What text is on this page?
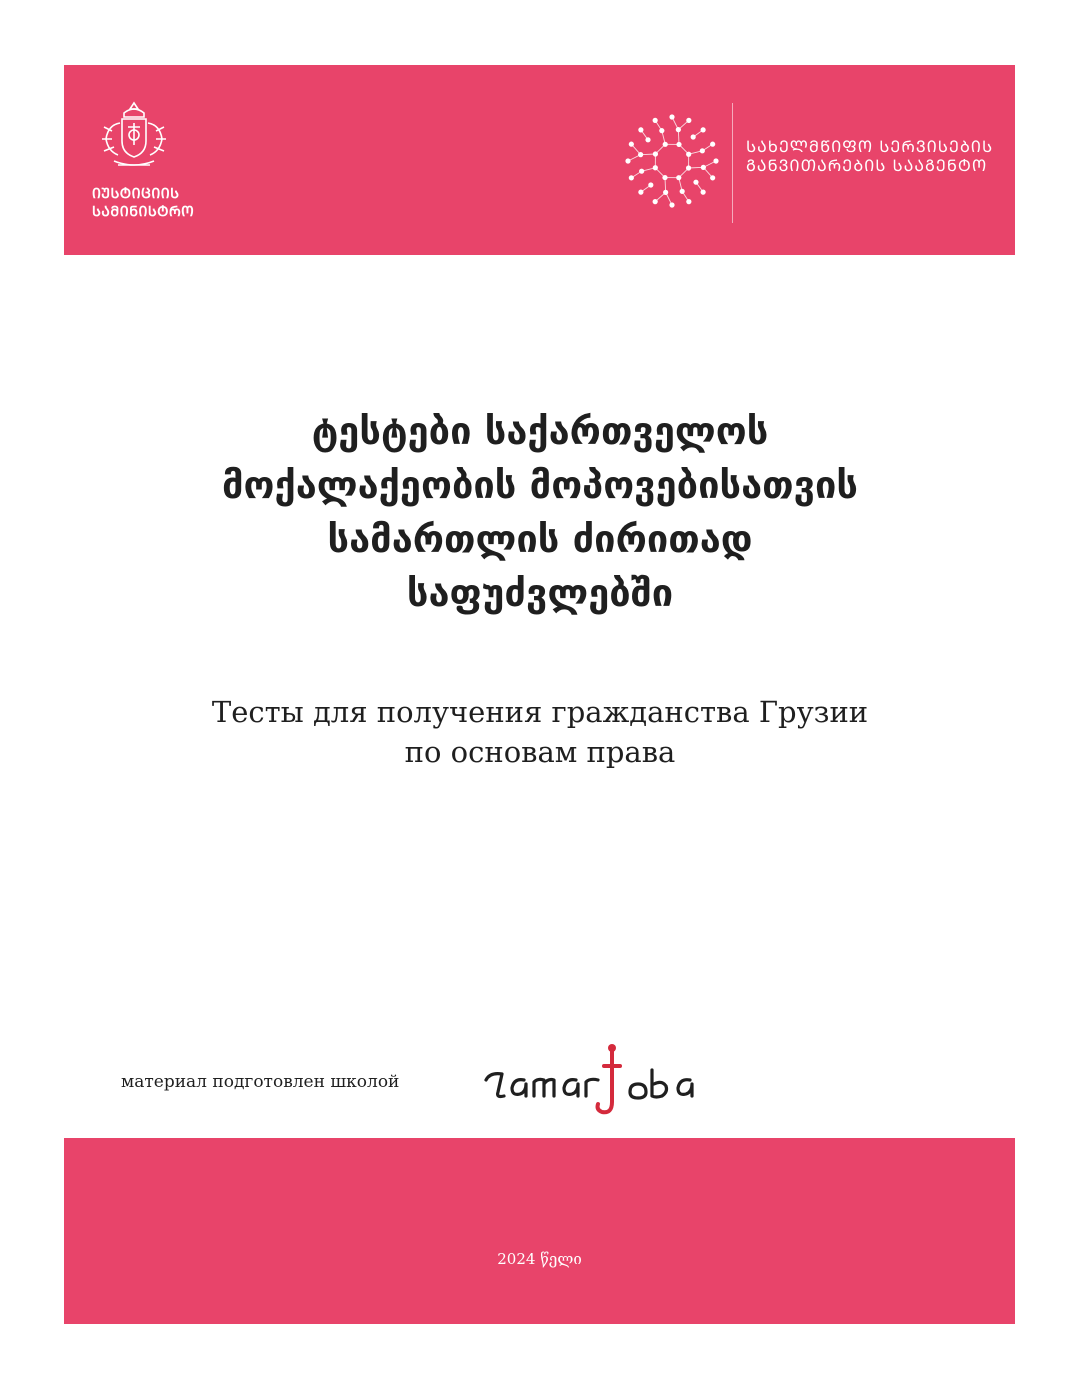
ᲘᲣᲡᲢᲘᲪᲘᲘᲡ
ᲡᲐᲛᲘᲜᲘᲡᲢᲠᲝ
ᲡᲐᲮᲔᲚᲛᲬᲘᲤᲝ ᲡᲔᲠᲕᲘᲡᲔᲑᲘᲡ
ᲒᲐᲜᲕᲘᲗᲐᲠᲔᲑᲘᲡ ᲡᲐᲐᲒᲔᲜᲢᲝ
ტესტები საქართველოს
მოქალაქეობის მოპოვებისათვის
სამართლის ძირითად
საფუძვლებში
Тесты для получения гражданства Грузии
по основам права
материал подготовлен школой
2024 წელი
